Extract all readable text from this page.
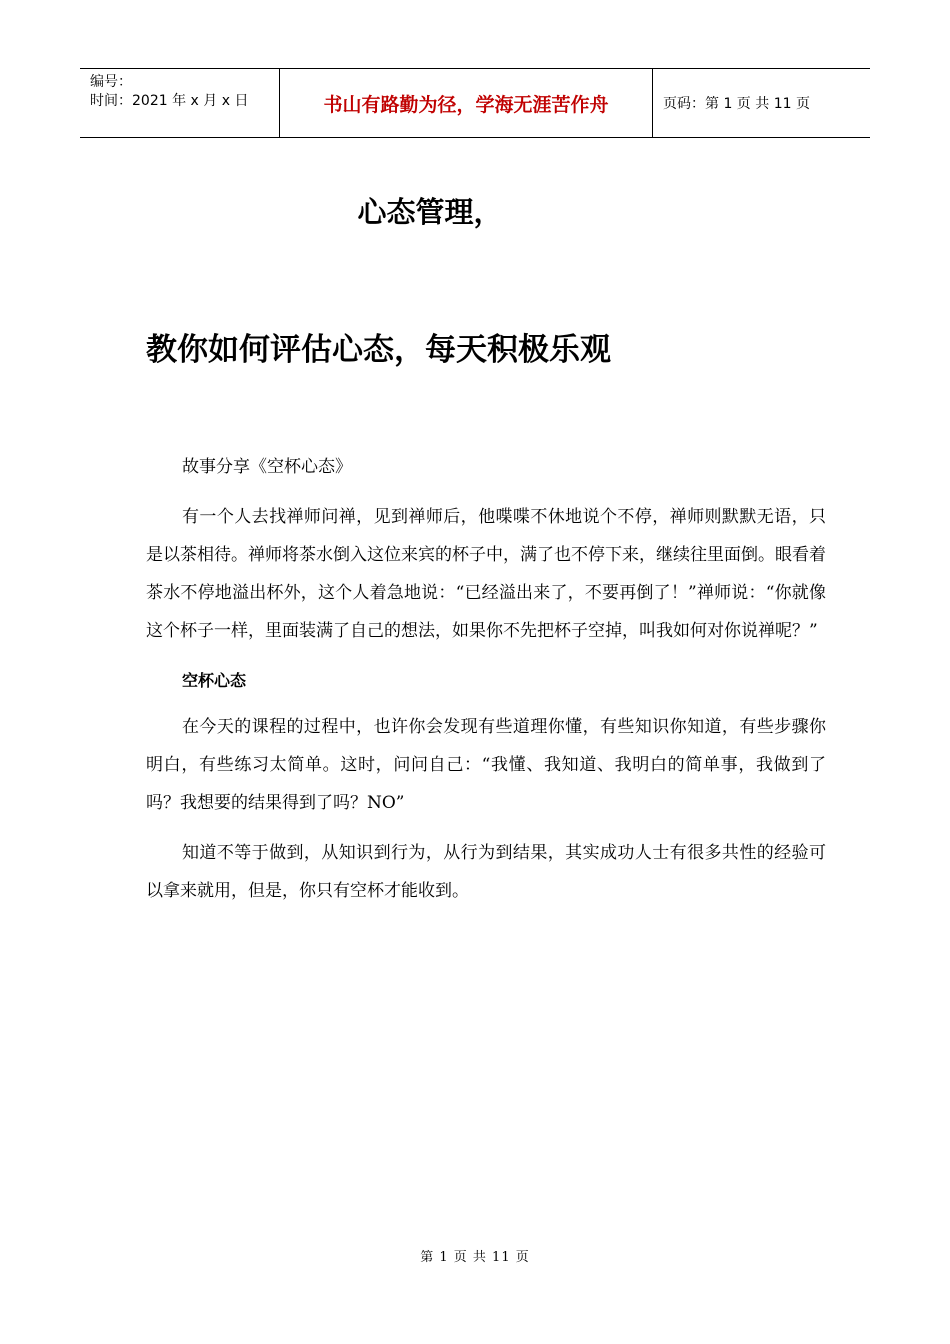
编号：
时间：2021 年 x 月 x 日	书山有路勤为径，学海无涯苦作舟	页码：第 1 页 共 11 页
心态管理，
教你如何评估心态，每天积极乐观

故事分享《空杯心态》

有一个人去找禅师问禅，见到禅师后，他喋喋不休地说个不停，禅师则默默无语，只是以茶相待。禅师将茶水倒入这位来宾的杯子中，满了也不停下来，继续往里面倒。眼看着茶水不停地溢出杯外，这个人着急地说：“已经溢出来了，不要再倒了！”禅师说：“你就像这个杯子一样，里面装满了自己的想法，如果你不先把杯子空掉，叫我如何对你说禅呢？”

空杯心态

在今天的课程的过程中，也许你会发现有些道理你懂，有些知识你知道，有些步骤你明白，有些练习太简单。这时，问问自己：“我懂、我知道、我明白的简单事，我做到了吗？我想要的结果得到了吗？NO”

知道不等于做到，从知识到行为，从行为到结果，其实成功人士有很多共性的经验可以拿来就用，但是，你只有空杯才能收到。

第 1 页 共 11 页
